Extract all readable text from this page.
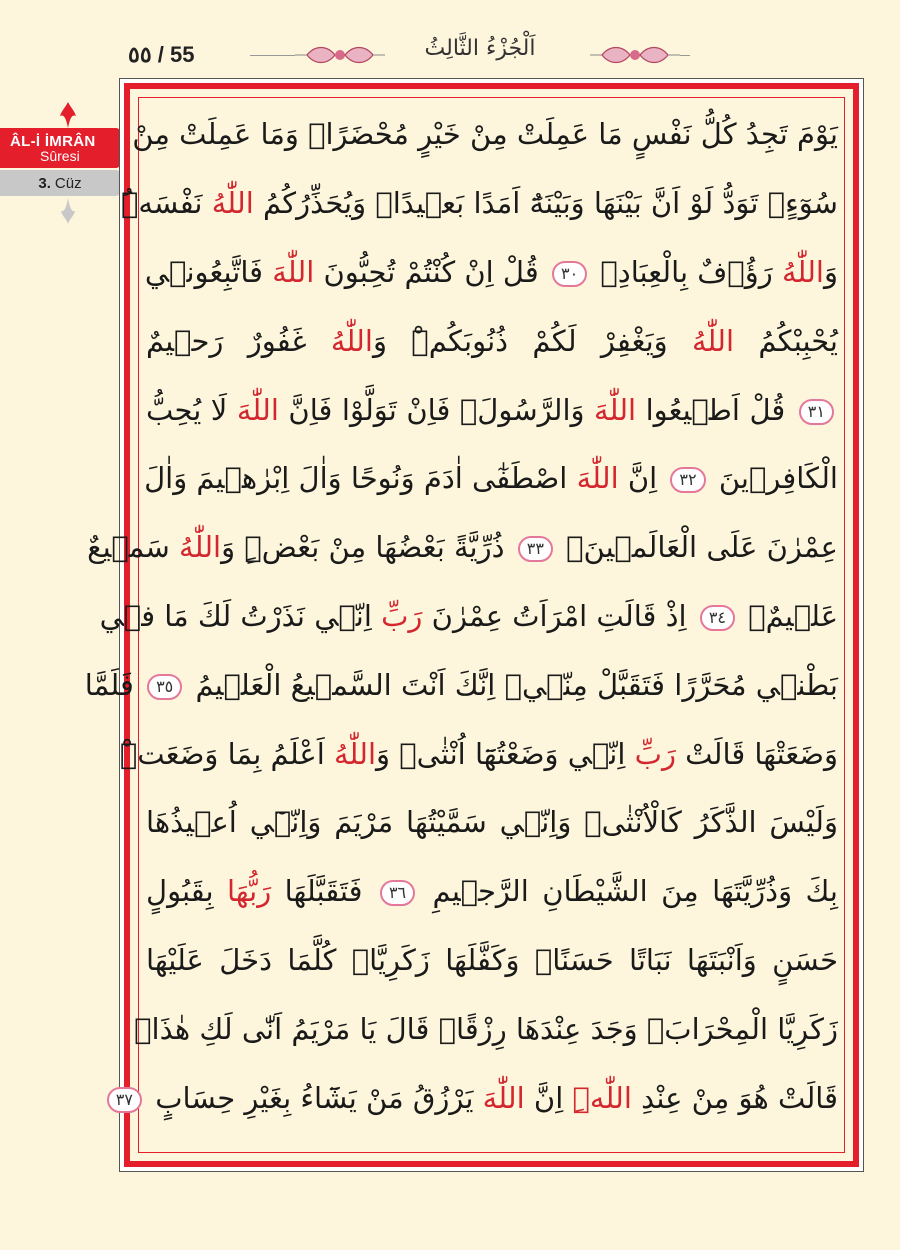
٥٥ / 55	اَلْجُزْءُ الثَّالِثُ
ÂL-İ İMRÂN
Sûresi
3. Cüz
يَوْمَ تَجِدُ كُلُّ نَفْسٍ مَا عَمِلَتْ مِنْ خَيْرٍ مُحْضَرًاۚ وَمَا عَمِلَتْ مِنْ
سُوٓءٍۚ تَوَدُّ لَوْ اَنَّ بَيْنَهَا وَبَيْنَهُٓ اَمَدًا بَع۪يدًاۜ وَيُحَذِّرُكُمُ اللّٰهُ نَفْسَهُۜ
وَاللّٰهُ رَؤُ۫فٌ بِالْعِبَادِ۟ ٣٠ قُلْ اِنْ كُنْتُمْ تُحِبُّونَ اللّٰهَ فَاتَّبِعُون۪ي
يُحْبِبْكُمُ اللّٰهُ وَيَغْفِرْ لَكُمْ ذُنُوبَكُمْۜ وَاللّٰهُ غَفُورٌ رَح۪يمٌ
٣١ قُلْ اَط۪يعُوا اللّٰهَ وَالرَّسُولَۚ فَاِنْ تَوَلَّوْا فَاِنَّ اللّٰهَ لَا يُحِبُّ
الْكَافِر۪ينَ ٣٢ اِنَّ اللّٰهَ اصْطَفٰٓى اٰدَمَ وَنُوحًا وَاٰلَ اِبْرٰه۪يمَ وَاٰلَ
عِمْرٰنَ عَلَى الْعَالَم۪ينَۙ ٣٣ ذُرِّيَّةً بَعْضُهَا مِنْ بَعْضٍۜ وَاللّٰهُ سَم۪يعٌ
عَل۪يمٌۚ ٣٤ اِذْ قَالَتِ امْرَاَتُ عِمْرٰنَ رَبِّ اِنّ۪ي نَذَرْتُ لَكَ مَا ف۪ي
بَطْن۪ي مُحَرَّرًا فَتَقَبَّلْ مِنّ۪يۚ اِنَّكَ اَنْتَ السَّم۪يعُ الْعَل۪يمُ ٣٥ فَلَمَّا
وَضَعَتْهَا قَالَتْ رَبِّ اِنّ۪ي وَضَعْتُهَٓا اُنْثٰىۜ وَاللّٰهُ اَعْلَمُ بِمَا وَضَعَتْۜ
وَلَيْسَ الذَّكَرُ كَالْاُنْثٰىۚ وَاِنّ۪ي سَمَّيْتُهَا مَرْيَمَ وَاِنّ۪ٓي اُع۪يذُهَا
بِكَ وَذُرِّيَّتَهَا مِنَ الشَّيْطَانِ الرَّج۪يمِ ٣٦ فَتَقَبَّلَهَا رَبُّهَا بِقَبُولٍ
حَسَنٍ وَاَنْبَتَهَا نَبَاتًا حَسَنًاۙ وَكَفَّلَهَا زَكَرِيَّاۜ كُلَّمَا دَخَلَ عَلَيْهَا
زَكَرِيَّا الْمِحْرَابَۙ وَجَدَ عِنْدَهَا رِزْقًاۚ قَالَ يَا مَرْيَمُ اَنّٰى لَكِ هٰذَاۜ
قَالَتْ هُوَ مِنْ عِنْدِ اللّٰهِۜ اِنَّ اللّٰهَ يَرْزُقُ مَنْ يَشَٓاءُ بِغَيْرِ حِسَابٍ ٣٧
